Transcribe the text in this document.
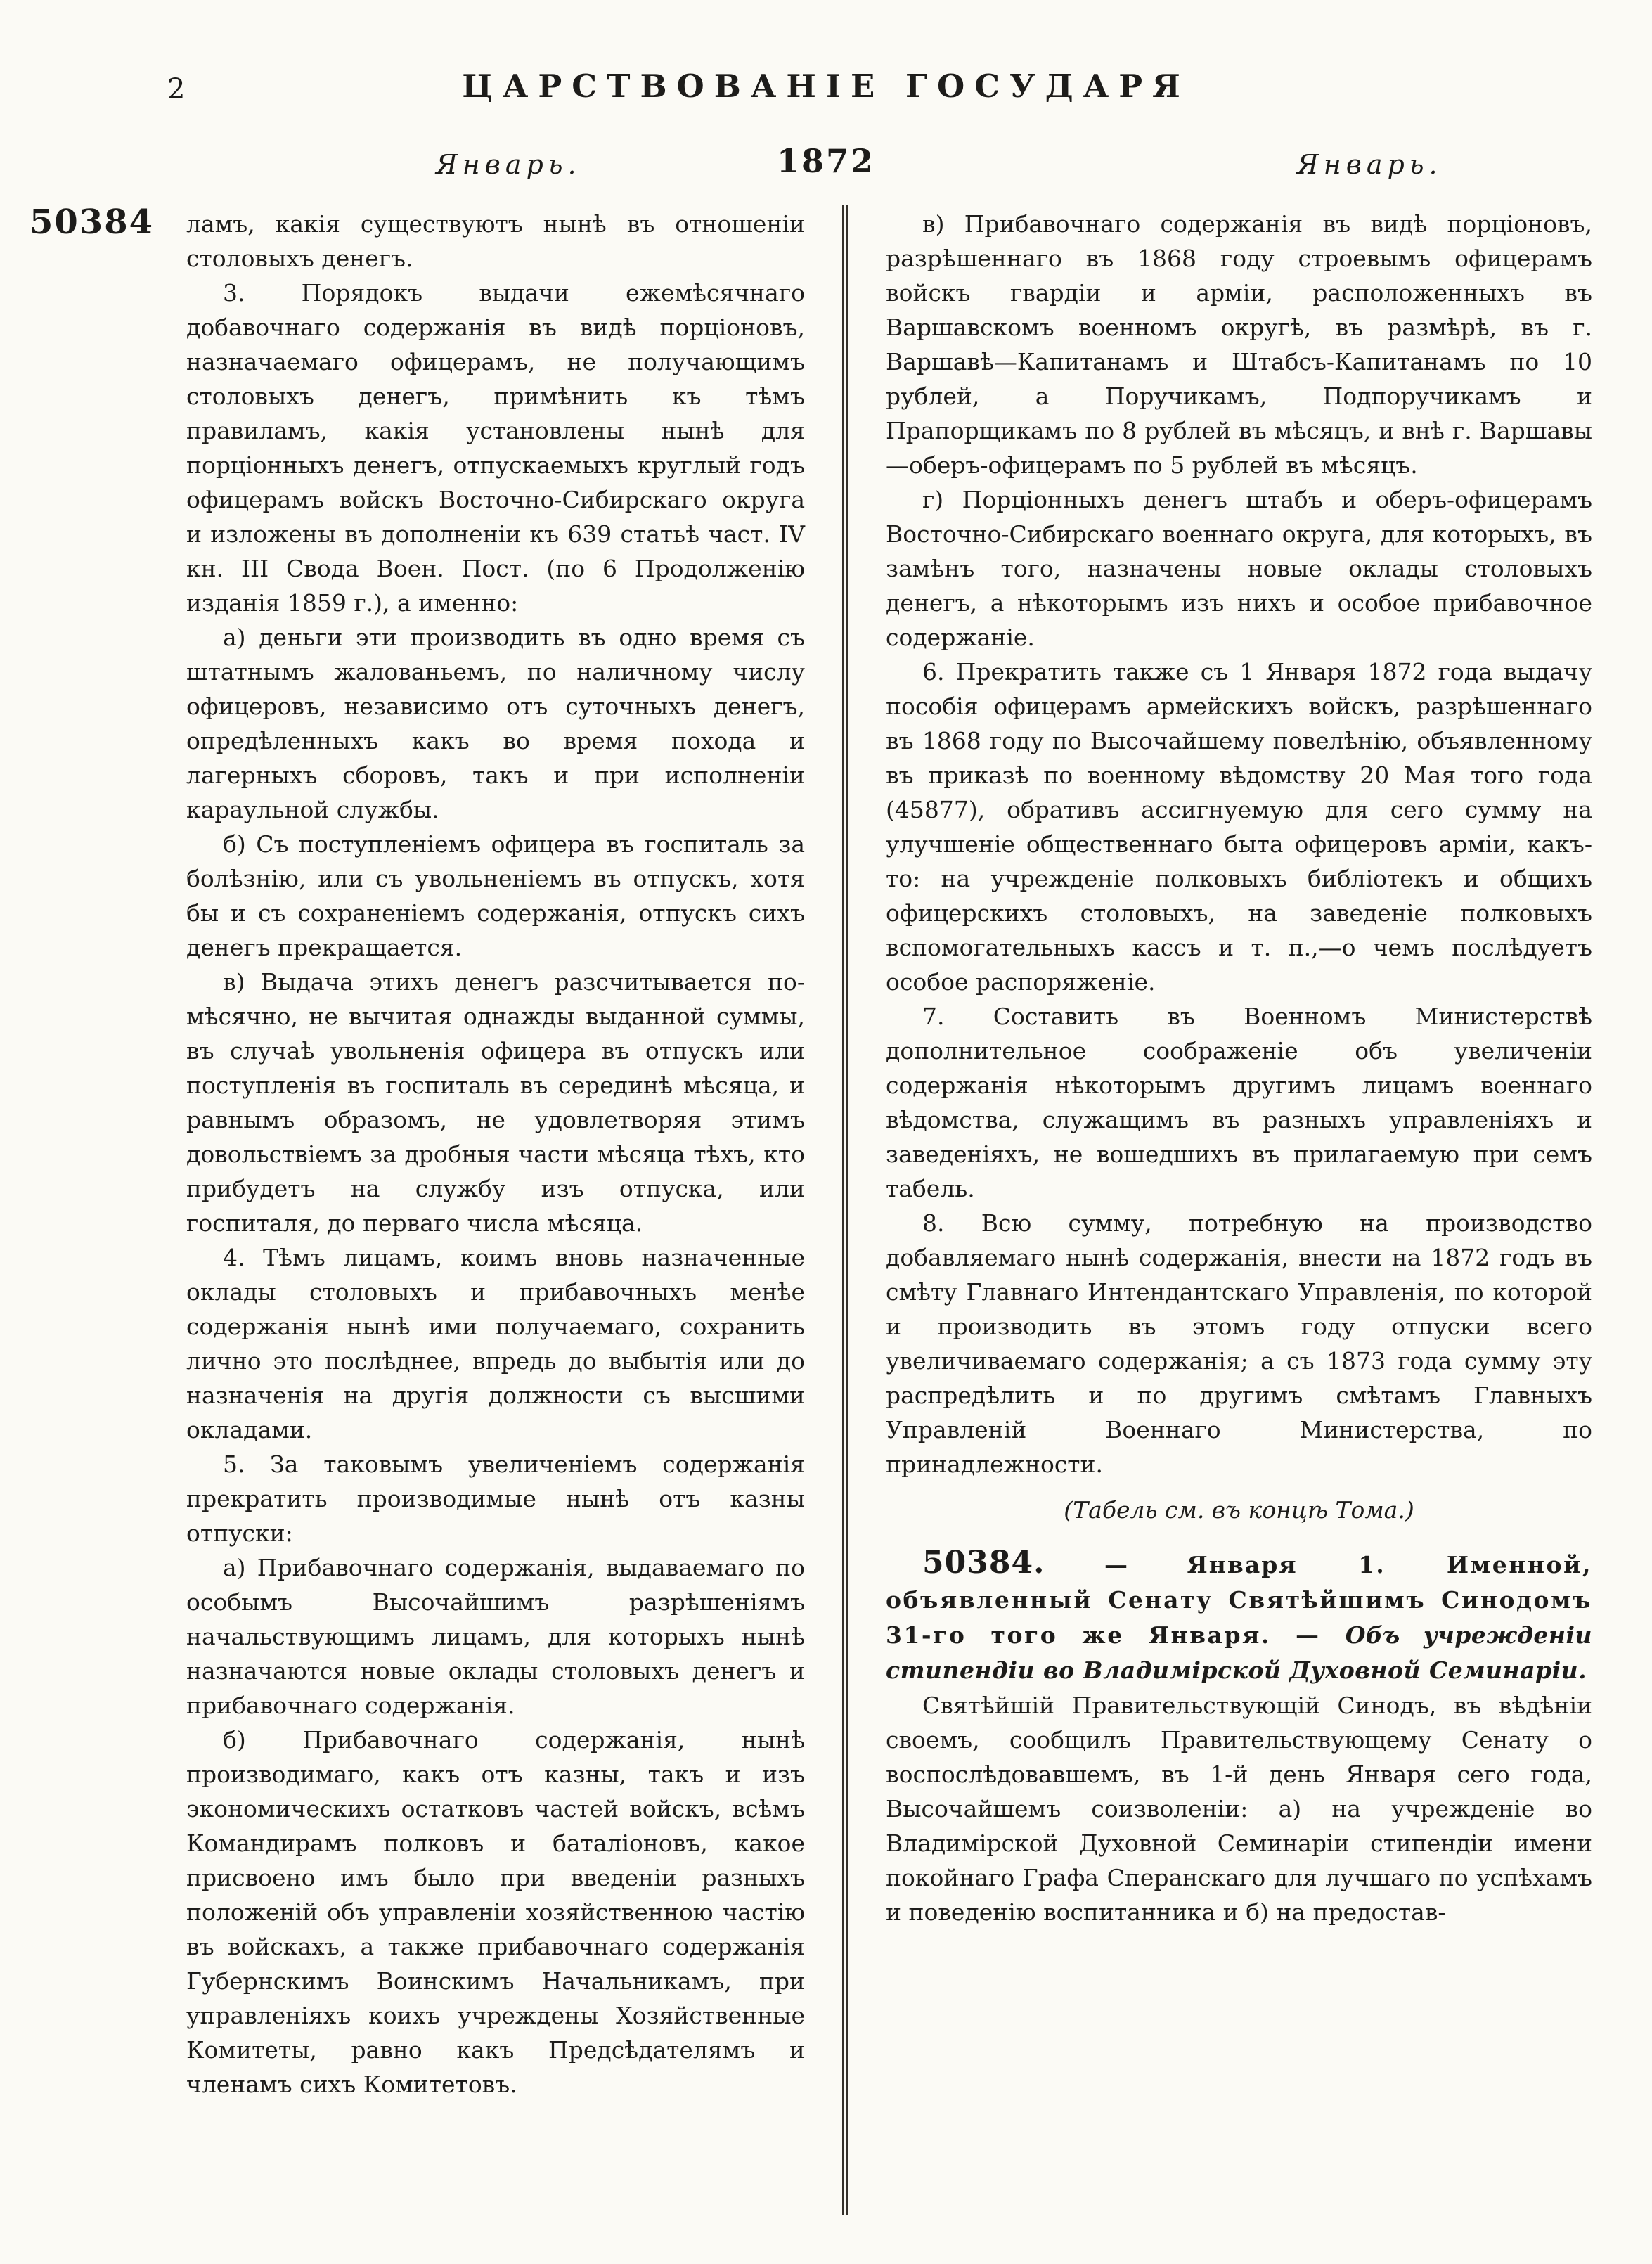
2	ЦАРСТВОВАНІЕ ГОСУДАРЯ
Январь.	1872	Январь.
50384 ламъ, какія существуютъ нынѣ въ отношеніи столовыхъ денегъ.

3. Порядокъ выдачи ежемѣсячнаго добавочнаго содержанія въ видѣ порціоновъ, назначаемаго офицерамъ, не получающимъ столовыхъ денегъ, примѣнить къ тѣмъ правиламъ, какія установлены нынѣ для порціонныхъ денегъ, отпускаемыхъ круглый годъ офицерамъ войскъ Восточно-Сибирскаго округа и изложены въ дополненіи къ 639 статьѣ част. IV кн. III Свода Воен. Пост. (по 6 Продолженію изданія 1859 г.), а именно:

а) деньги эти производить въ одно время съ штатнымъ жалованьемъ, по наличному числу офицеровъ, независимо отъ суточныхъ денегъ, опредѣленныхъ какъ во время похода и лагерныхъ сборовъ, такъ и при исполненіи караульной службы.

б) Съ поступленіемъ офицера въ госпиталь за болѣзнію, или съ увольненіемъ въ отпускъ, хотя бы и съ сохраненіемъ содержанія, отпускъ сихъ денегъ прекращается.

в) Выдача этихъ денегъ разсчитывается по-мѣсячно, не вычитая однажды выданной суммы, въ случаѣ увольненія офицера въ отпускъ или поступленія въ госпиталь въ серединѣ мѣсяца, и равнымъ образомъ, не удовлетворяя этимъ довольствіемъ за дробныя части мѣсяца тѣхъ, кто прибудетъ на службу изъ отпуска, или госпиталя, до перваго числа мѣсяца.

4. Тѣмъ лицамъ, коимъ вновь назначенные оклады столовыхъ и прибавочныхъ менѣе содержанія нынѣ ими получаемаго, сохранить лично это послѣднее, впредь до выбытія или до назначенія на другія должности съ высшими окладами.

5. За таковымъ увеличеніемъ содержанія прекратить производимые нынѣ отъ казны отпуски:

а) Прибавочнаго содержанія, выдаваемаго по особымъ Высочайшимъ разрѣшеніямъ начальствующимъ лицамъ, для которыхъ нынѣ назначаются новые оклады столовыхъ денегъ и прибавочнаго содержанія.

б) Прибавочнаго содержанія, нынѣ производимаго, какъ отъ казны, такъ и изъ экономическихъ остатковъ частей войскъ, всѣмъ Командирамъ полковъ и баталіоновъ, какое присвоено имъ было при введеніи разныхъ положеній объ управленіи хозяйственною частію въ войскахъ, а также прибавочнаго содержанія Губернскимъ Воинскимъ Начальникамъ, при управленіяхъ коихъ учреждены Хозяйственные Комитеты, равно какъ Предсѣдателямъ и членамъ сихъ Комитетовъ.

в) Прибавочнаго содержанія въ видѣ порціоновъ, разрѣшеннаго въ 1868 году строевымъ офицерамъ войскъ гвардіи и арміи, расположенныхъ въ Варшавскомъ военномъ округѣ, въ размѣрѣ, въ г. Варшавѣ—Капитанамъ и Штабсъ-Капитанамъ по 10 рублей, а Поручикамъ, Подпоручикамъ и Прапорщикамъ по 8 рублей въ мѣсяцъ, и внѣ г. Варшавы—оберъ-офицерамъ по 5 рублей въ мѣсяцъ.

г) Порціонныхъ денегъ штабъ и оберъ-офицерамъ Восточно-Сибирскаго военнаго округа, для которыхъ, въ замѣнъ того, назначены новые оклады столовыхъ денегъ, а нѣкоторымъ изъ нихъ и особое прибавочное содержаніе.

6. Прекратить также съ 1 Января 1872 года выдачу пособія офицерамъ армейскихъ войскъ, разрѣшеннаго въ 1868 году по Высочайшему повелѣнію, объявленному въ приказѣ по военному вѣдомству 20 Мая того года (45877), обративъ ассигнуемую для сего сумму на улучшеніе общественнаго быта офицеровъ арміи, какъ-то: на учрежденіе полковыхъ библіотекъ и общихъ офицерскихъ столовыхъ, на заведеніе полковыхъ вспомогательныхъ кассъ и т. п.,—о чемъ послѣдуетъ особое распоряженіе.

7. Составить въ Военномъ Министерствѣ дополнительное соображеніе объ увеличеніи содержанія нѣкоторымъ другимъ лицамъ военнаго вѣдомства, служащимъ въ разныхъ управленіяхъ и заведеніяхъ, не вошедшихъ въ прилагаемую при семъ табель.

8. Всю сумму, потребную на производство добавляемаго нынѣ содержанія, внести на 1872 годъ въ смѣту Главнаго Интендантскаго Управленія, по которой и производить въ этомъ году отпуски всего увеличиваемаго содержанія; а съ 1873 года сумму эту распредѣлить и по другимъ смѣтамъ Главныхъ Управленій Военнаго Министерства, по принадлежности.

(Табель см. въ концѣ Тома.)

50384. — Января 1. Именной, объявленный Сенату Святѣйшимъ Синодомъ 31-го того же Января. — Объ учрежденіи стипендіи во Владимірской Духовной Семинаріи.

Святѣйшій Правительствующій Синодъ, въ вѣдѣніи своемъ, сообщилъ Правительствующему Сенату о воспослѣдовавшемъ, въ 1-й день Января сего года, Высочайшемъ соизволеніи: а) на учрежденіе во Владимірской Духовной Семинаріи стипендіи имени покойнаго Графа Сперанскаго для лучшаго по успѣхамъ и поведенію воспитанника и б) на предостав-
